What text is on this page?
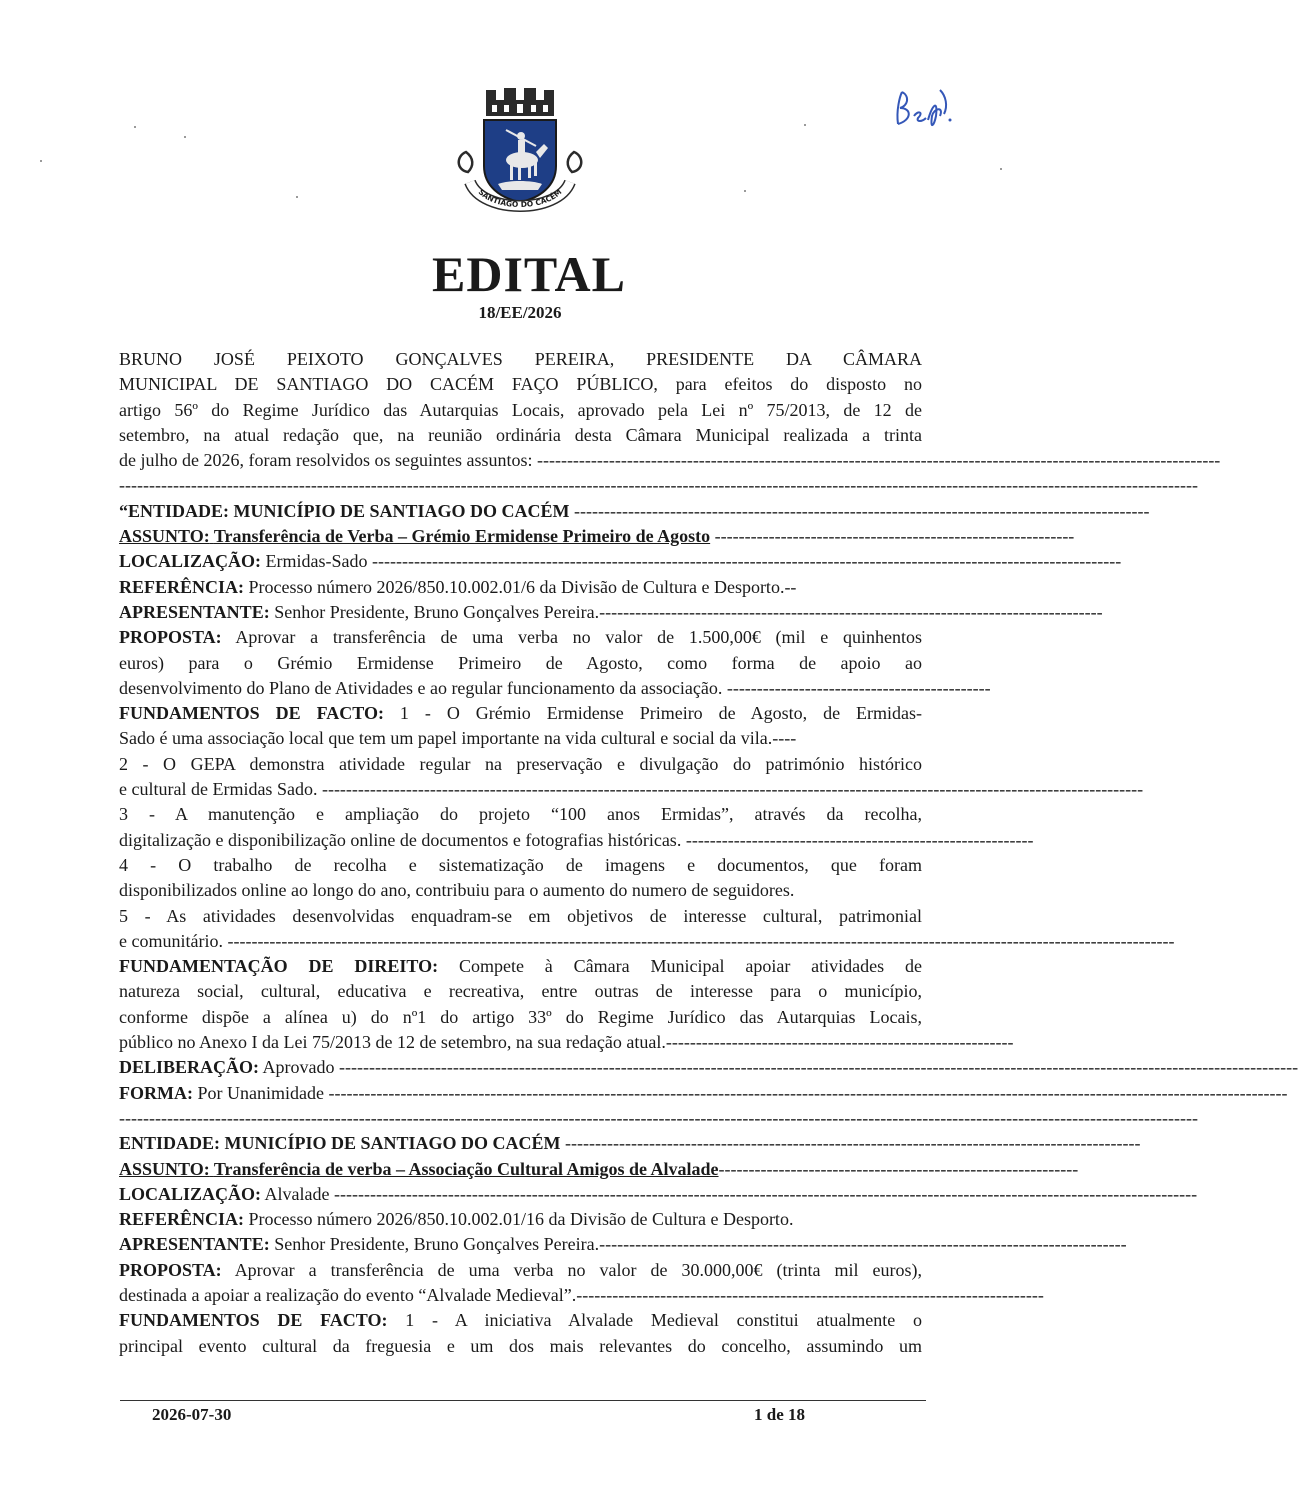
SANTIAGO DO CACÉM
EDITAL
18/EE/2026

BRUNO JOSÉ PEIXOTO GONÇALVES PEREIRA, PRESIDENTE DA CÂMARA

MUNICIPAL DE SANTIAGO DO CACÉM FAÇO PÚBLICO, para efeitos do disposto no

artigo 56º do Regime Jurídico das Autarquias Locais, aprovado pela Lei nº 75/2013, de 12 de

setembro, na atual redação que, na reunião ordinária desta Câmara Municipal realizada a trinta

de julho de 2026, foram resolvidos os seguintes assuntos: ------------------------------------------------------------------------------------------------------------------

------------------------------------------------------------------------------------------------------------------------------------------------------------------------------------

“ENTIDADE: MUNICÍPIO DE SANTIAGO DO CACÉM ------------------------------------------------------------------------------------------------

ASSUNTO: Transferência de Verba – Grémio Ermidense Primeiro de Agosto ------------------------------------------------------------

LOCALIZAÇÃO: Ermidas-Sado -----------------------------------------------------------------------------------------------------------------------------

REFERÊNCIA: Processo número 2026/850.10.002.01/6 da Divisão de Cultura e Desporto.--

APRESENTANTE: Senhor Presidente, Bruno Gonçalves Pereira.------------------------------------------------------------------------------------

PROPOSTA: Aprovar a transferência de uma verba no valor de 1.500,00€ (mil e quinhentos

euros) para o Grémio Ermidense Primeiro de Agosto, como forma de apoio ao

desenvolvimento do Plano de Atividades e ao regular funcionamento da associação. --------------------------------------------

FUNDAMENTOS DE FACTO: 1 - O Grémio Ermidense Primeiro de Agosto, de Ermidas-

Sado é uma associação local que tem um papel importante na vida cultural e social da vila.----

2 - O GEPA demonstra atividade regular na preservação e divulgação do património histórico

e cultural de Ermidas Sado. -----------------------------------------------------------------------------------------------------------------------------------------

3 - A manutenção e ampliação do projeto “100 anos Ermidas”, através da recolha,

digitalização e disponibilização online de documentos e fotografias históricas. ----------------------------------------------------------

4 - O trabalho de recolha e sistematização de imagens e documentos, que foram

disponibilizados online ao longo do ano, contribuiu para o aumento do numero de seguidores.

5 - As atividades desenvolvidas enquadram-se em objetivos de interesse cultural, patrimonial

e comunitário. --------------------------------------------------------------------------------------------------------------------------------------------------------------

FUNDAMENTAÇÃO DE DIREITO: Compete à Câmara Municipal apoiar atividades de

natureza social, cultural, educativa e recreativa, entre outras de interesse para o município,

conforme dispõe a alínea u) do nº1 do artigo 33º do Regime Jurídico das Autarquias Locais,

público no Anexo I da Lei 75/2013 de 12 de setembro, na sua redação atual.----------------------------------------------------------

DELIBERAÇÃO: Aprovado ----------------------------------------------------------------------------------------------------------------------------------------------------------------

FORMA: Por Unanimidade ----------------------------------------------------------------------------------------------------------------------------------------------------------------

------------------------------------------------------------------------------------------------------------------------------------------------------------------------------------

ENTIDADE: MUNICÍPIO DE SANTIAGO DO CACÉM ------------------------------------------------------------------------------------------------

ASSUNTO: Transferência de verba – Associação Cultural Amigos de Alvalade------------------------------------------------------------

LOCALIZAÇÃO: Alvalade ------------------------------------------------------------------------------------------------------------------------------------------------

REFERÊNCIA: Processo número 2026/850.10.002.01/16 da Divisão de Cultura e Desporto.

APRESENTANTE: Senhor Presidente, Bruno Gonçalves Pereira.----------------------------------------------------------------------------------------

PROPOSTA: Aprovar a transferência de uma verba no valor de 30.000,00€ (trinta mil euros),

destinada a apoiar a realização do evento “Alvalade Medieval”.------------------------------------------------------------------------------

FUNDAMENTOS DE FACTO: 1 - A iniciativa Alvalade Medieval constitui atualmente o

principal evento cultural da freguesia e um dos mais relevantes do concelho, assumindo um

2026-07-30	1 de 18
